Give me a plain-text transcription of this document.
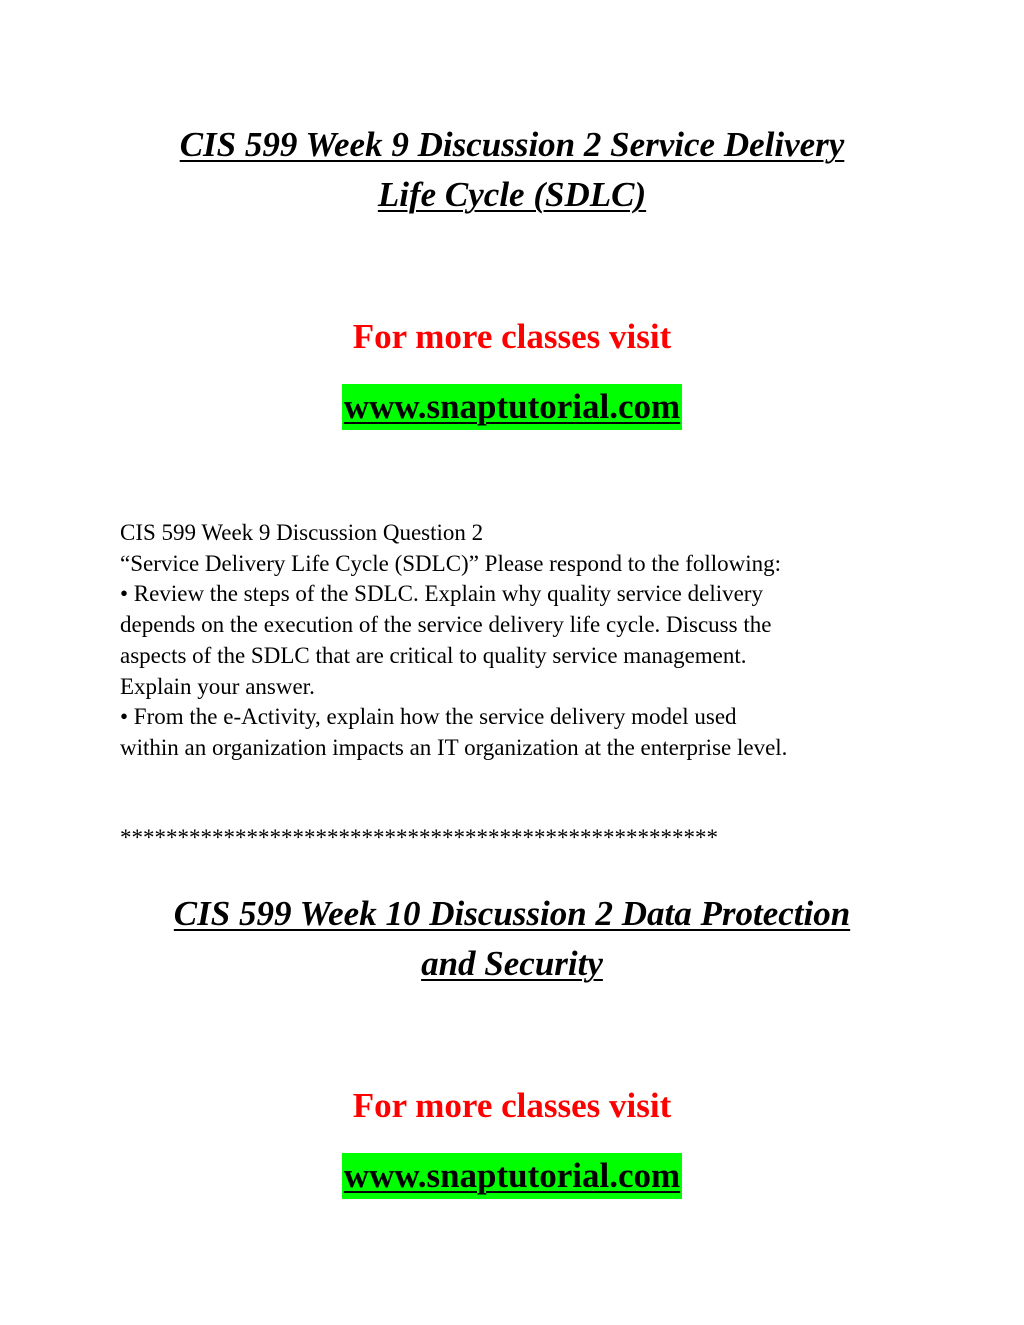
CIS 599 Week 9 Discussion 2 Service Delivery
Life Cycle (SDLC)

For more classes visit

www.snaptutorial.com
CIS 599 Week 9 Discussion Question 2
“Service Delivery Life Cycle (SDLC)” Please respond to the following:
• Review the steps of the SDLC. Explain why quality service delivery
depends on the execution of the service delivery life cycle. Discuss the
aspects of the SDLC that are critical to quality service management.
Explain your answer.
• From the e-Activity, explain how the service delivery model used
within an organization impacts an IT organization at the enterprise level.

****************************************************

CIS 599 Week 10 Discussion 2 Data Protection
and Security

For more classes visit

www.snaptutorial.com
